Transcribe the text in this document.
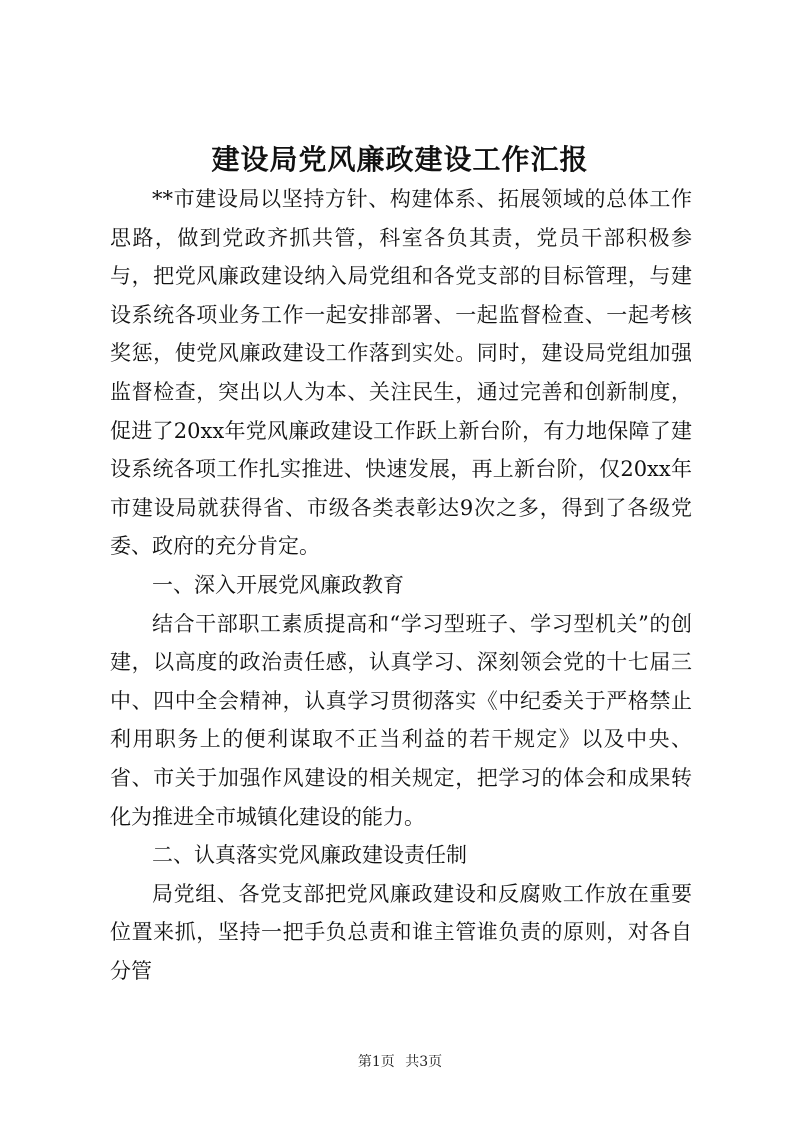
建设局党风廉政建设工作汇报

**市建设局以坚持方针、构建体系、拓展领域的总体工作思路，做到党政齐抓共管，科室各负其责，党员干部积极参与，把党风廉政建设纳入局党组和各党支部的目标管理，与建设系统各项业务工作一起安排部署、一起监督检查、一起考核奖惩，使党风廉政建设工作落到实处。同时，建设局党组加强监督检查，突出以人为本、关注民生，通过完善和创新制度，促进了20xx年党风廉政建设工作跃上新台阶，有力地保障了建设系统各项工作扎实推进、快速发展，再上新台阶，仅20xx年市建设局就获得省、市级各类表彰达9次之多，得到了各级党委、政府的充分肯定。

一、深入开展党风廉政教育

结合干部职工素质提高和“学习型班子、学习型机关”的创建，以高度的政治责任感，认真学习、深刻领会党的十七届三中、四中全会精神，认真学习贯彻落实《中纪委关于严格禁止利用职务上的便利谋取不正当利益的若干规定》以及中央、省、市关于加强作风建设的相关规定，把学习的体会和成果转化为推进全市城镇化建设的能力。

二、认真落实党风廉政建设责任制

局党组、各党支部把党风廉政建设和反腐败工作放在重要位置来抓，坚持一把手负总责和谁主管谁负责的原则，对各自分管

第1页 共3页
